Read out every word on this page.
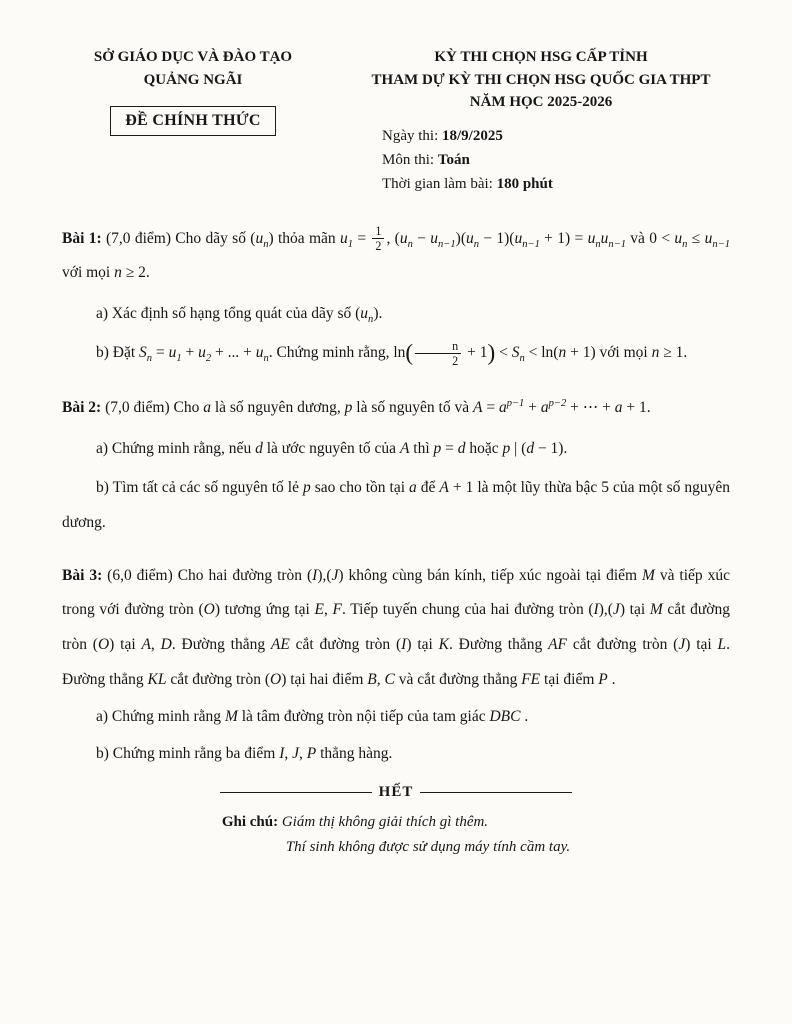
SỞ GIÁO DỤC VÀ ĐÀO TẠO
QUẢNG NGÃI
ĐỀ CHÍNH THỨC
KỲ THI CHỌN HSG CẤP TỈNH
THAM DỰ KỲ THI CHỌN HSG QUỐC GIA THPT
NĂM HỌC 2025-2026
Ngày thi: 18/9/2025
Môn thi: Toán
Thời gian làm bài: 180 phút

Bài 1: (7,0 điểm) Cho dãy số $(u_n)$ thỏa mãn $u_1 = \frac{1}{2}$ , $(u_n - u_{n-1})(u_n - 1)(u_{n-1} + 1) = u_nu_{n-1}$ và $0 < u_n \le u_{n-1}$ với mọi n ≥ 2.

a) Xác định số hạng tổng quát của dãy số $(u_n)$.

b) Đặt $S_n = u_1 + u_2$ + ... + $u_n$. Chứng minh rằng, $\ln( \frac{n}{2} + 1) < S_n < \ln(n + 1)$ với mọi n ≥ 1.

Bài 2: (7,0 điểm) Cho a là số nguyên dương, p là số nguyên tố và $A = a^{p-1} + a^{p-2}$ + ⋯ + a + 1.

a) Chứng minh rằng, nếu d là ước nguyên tố của A thì p = d hoặc p | (d − 1).

b) Tìm tất cả các số nguyên tố lẻ p sao cho tồn tại a để A + 1 là một lũy thừa bậc 5 của một số nguyên dương.

Bài 3: (6,0 điểm) Cho hai đường tròn (I),(J) không cùng bán kính, tiếp xúc ngoài tại điểm M và tiếp xúc trong với đường tròn (O) tương ứng tại E, F. Tiếp tuyến chung của hai đường tròn (I),(J) tại M cắt đường tròn (O) tại A, D. Đường thẳng AE cắt đường tròn (I) tại K. Đường thẳng AF cắt đường tròn (J) tại L. Đường thẳng KL cắt đường tròn (O) tại hai điểm B, C và cắt đường thẳng FE tại điểm P .

a) Chứng minh rằng M là tâm đường tròn nội tiếp của tam giác DBC .

b) Chứng minh rằng ba điểm I, J, P thẳng hàng.

HẾT
Ghi chú: Giám thị không giải thích gì thêm.
Thí sinh không được sử dụng máy tính cầm tay.
